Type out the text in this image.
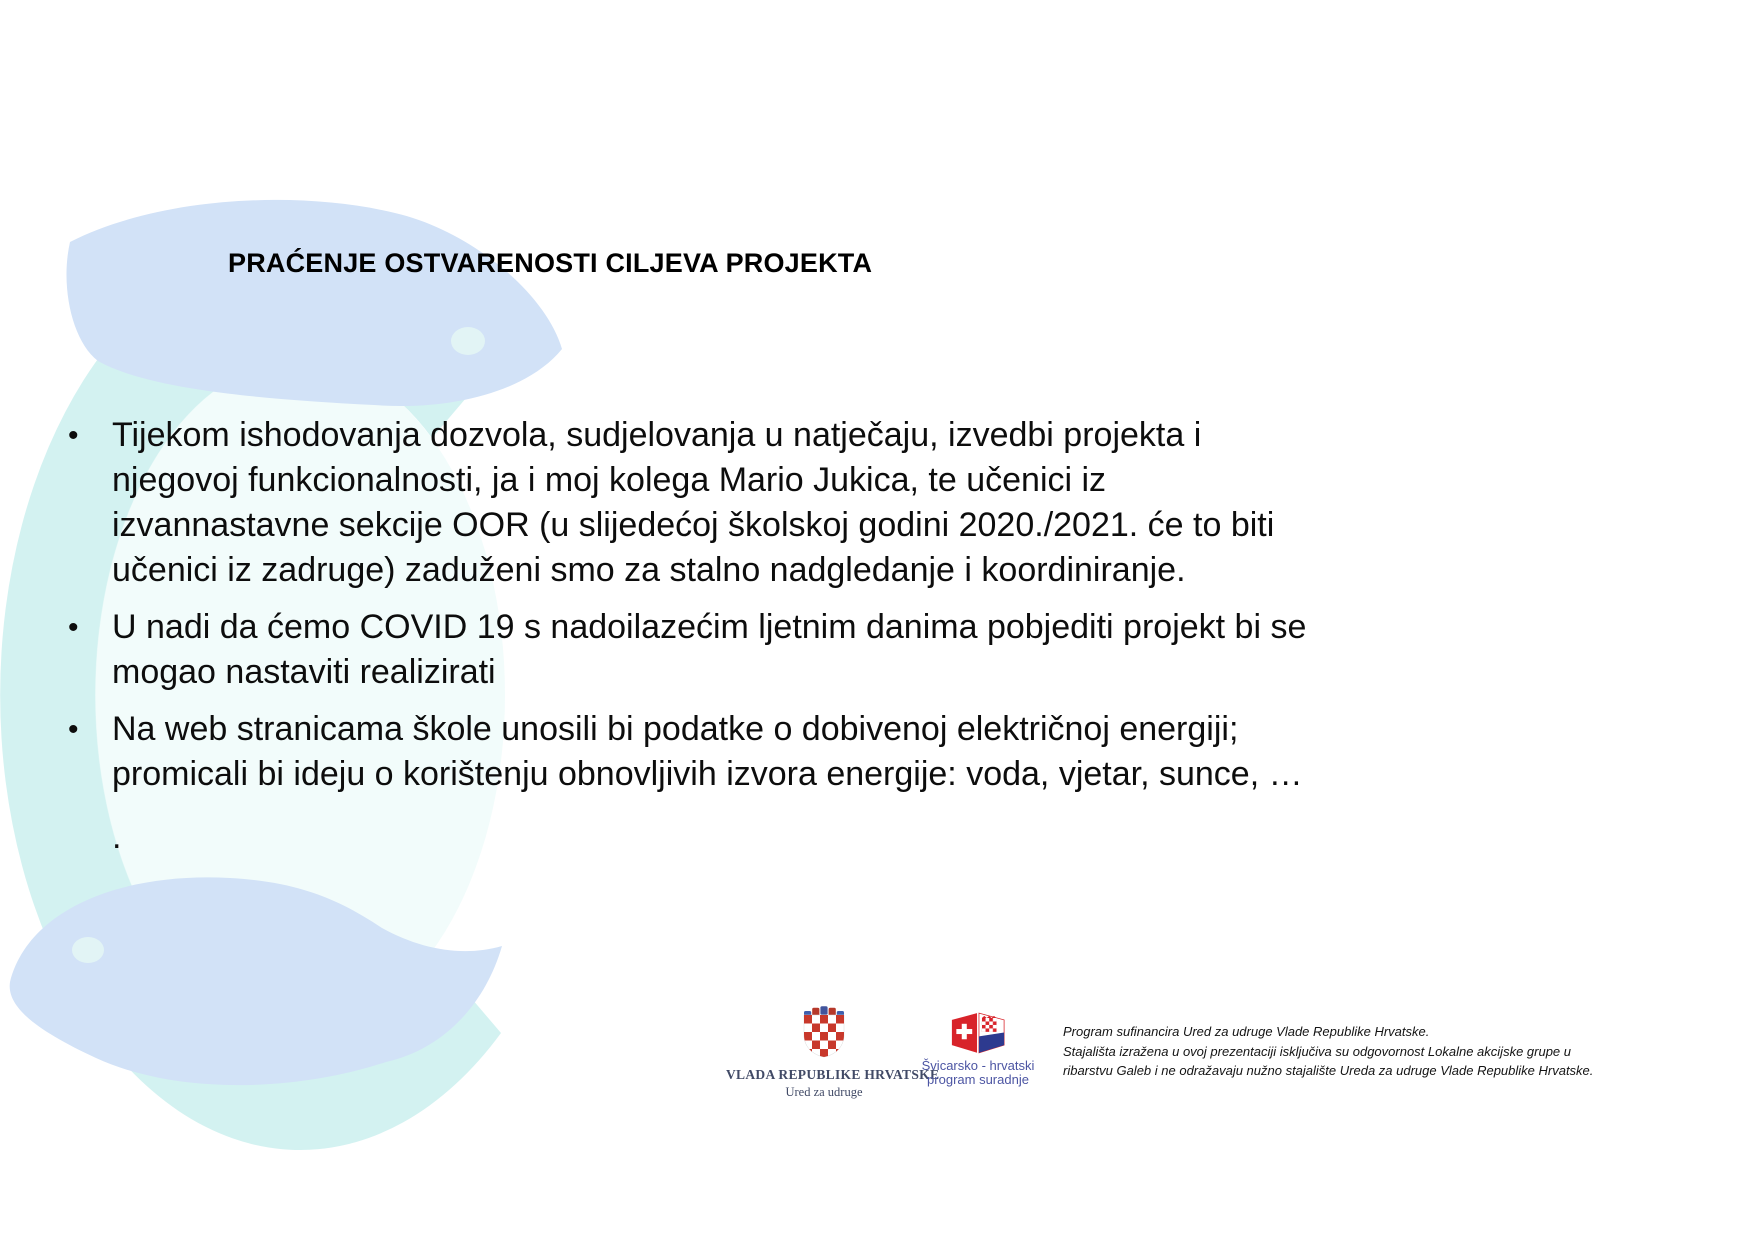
PRAĆENJE OSTVARENOSTI CILJEVA PROJEKTA
• Tijekom ishodovanja dozvola, sudjelovanja u natječaju, izvedbi projekta i
njegovoj funkcionalnosti, ja i moj kolega Mario Jukica, te učenici iz
izvannastavne sekcije OOR (u slijedećoj školskoj godini 2020./2021. će to biti
učenici iz zadruge) zaduženi smo za stalno nadgledanje i koordiniranje.
• U nadi da ćemo COVID 19 s nadoilazećim ljetnim danima pobjediti projekt bi se
mogao nastaviti realizirati
• Na web stranicama škole unosili bi podatke o dobivenoj električnoj energiji;
promicali bi ideju o korištenju obnovljivih izvora energije: voda, vjetar, sunce, …
.
VLADA REPUBLIKE HRVATSKE
Ured za udruge
Švicarsko - hrvatski
program suradnje
Program sufinancira Ured za udruge Vlade Republike Hrvatske.
Stajališta izražena u ovoj prezentaciji isključiva su odgovornost Lokalne akcijske grupe u
ribarstvu Galeb i ne odražavaju nužno stajalište Ureda za udruge Vlade Republike Hrvatske.
